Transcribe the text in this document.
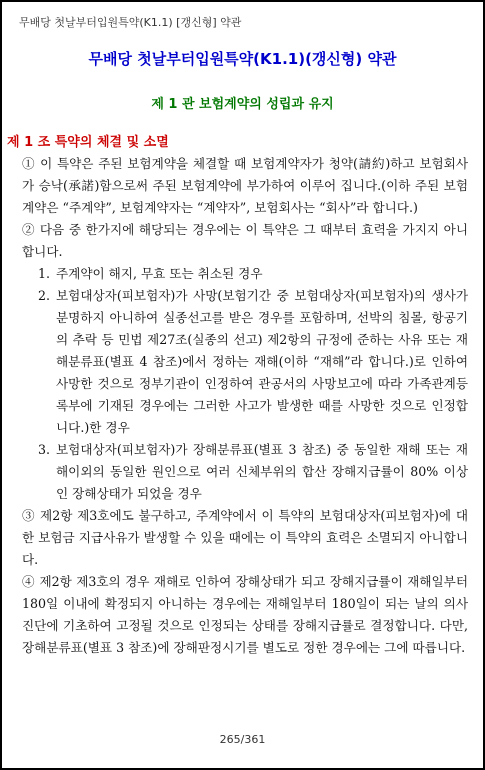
무배당 첫날부터입원특약(K1.1) [갱신형] 약관
무배당 첫날부터입원특약(K1.1)(갱신형) 약관
제 1 관 보험계약의 성립과 유지
제 1 조 특약의 체결 및 소멸

① 이 특약은 주된 보험계약을 체결할 때 보험계약자가 청약(請約)하고 보험회사가 승낙(承諾)함으로써 주된 보험계약에 부가하여 이루어 집니다.(이하 주된 보험계약은 “주계약”, 보험계약자는 “계약자”, 보험회사는 “회사”라 합니다.)

② 다음 중 한가지에 해당되는 경우에는 이 특약은 그 때부터 효력을 가지지 아니합니다.

1. 주계약이 해지, 무효 또는 취소된 경우
2. 보험대상자(피보험자)가 사망(보험기간 중 보험대상자(피보험자)의 생사가 분명하지 아니하여 실종선고를 받은 경우를 포함하며, 선박의 침몰, 항공기의 추락 등 민법 제27조(실종의 선고) 제2항의 규정에 준하는 사유 또는 재해분류표(별표 4 참조)에서 정하는 재해(이하 “재해”라 합니다.)로 인하여 사망한 것으로 정부기관이 인정하여 관공서의 사망보고에 따라 가족관계등록부에 기재된 경우에는 그러한 사고가 발생한 때를 사망한 것으로 인정합니다.)한 경우
3. 보험대상자(피보험자)가 장해분류표(별표 3 참조) 중 동일한 재해 또는 재해이외의 동일한 원인으로 여러 신체부위의 합산 장해지급률이 80% 이상인 장해상태가 되었을 경우

③ 제2항 제3호에도 불구하고, 주계약에서 이 특약의 보험대상자(피보험자)에 대한 보험금 지급사유가 발생할 수 있을 때에는 이 특약의 효력은 소멸되지 아니합니다.

④ 제2항 제3호의 경우 재해로 인하여 장해상태가 되고 장해지급률이 재해일부터 180일 이내에 확정되지 아니하는 경우에는 재해일부터 180일이 되는 날의 의사진단에 기초하여 고정될 것으로 인정되는 상태를 장해지급률로 결정합니다. 다만, 장해분류표(별표 3 참조)에 장해판정시기를 별도로 정한 경우에는 그에 따릅니다.

265/361
